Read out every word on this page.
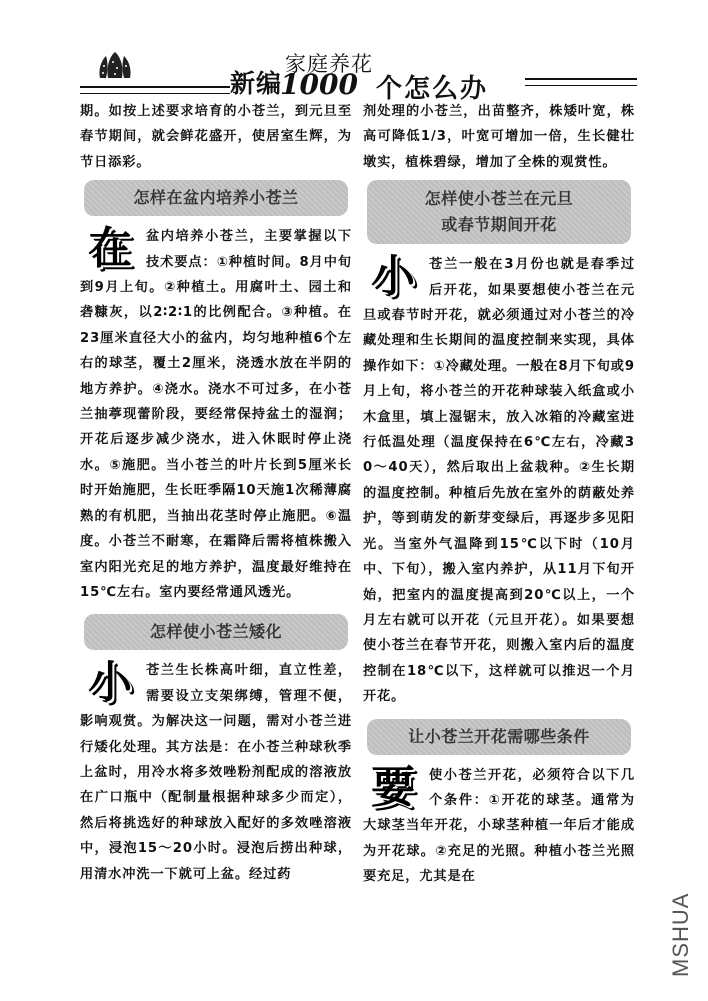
新编
家庭养花
1000 个怎么办

期。如按上述要求培育的小苍兰，到元旦至春节期间，就会鲜花盛开，使居室生辉，为节日添彩。

怎样在盆内培养小苍兰
在	盆内培养小苍兰，主要掌握以下技术要点：①种植时间。8月中旬到9月上旬。②种植土。用腐叶土、园土和砻糠灰，以2∶2∶1的比例配合。③种植。在23厘米直径大小的盆内，均匀地种植6个左右的球茎，覆土2厘米，浇透水放在半阴的地方养护。④浇水。浇水不可过多，在小苍兰抽葶现蕾阶段，要经常保持盆土的湿润；开花后逐步减少浇水，进入休眠时停止浇水。⑤施肥。当小苍兰的叶片长到5厘米长时开始施肥，生长旺季隔10天施1次稀薄腐熟的有机肥，当抽出花茎时停止施肥。⑥温度。小苍兰不耐寒，在霜降后需将植株搬入室内阳光充足的地方养护，温度最好维持在15℃左右。室内要经常通风透光。

怎样使小苍兰矮化
小	苍兰生长株高叶细，直立性差，需要设立支架绑缚，管理不便，影响观赏。为解决这一问题，需对小苍兰进行矮化处理。其方法是：在小苍兰种球秋季上盆时，用冷水将多效唑粉剂配成的溶液放在广口瓶中（配制量根据种球多少而定），然后将挑选好的种球放入配好的多效唑溶液中，浸泡15～20小时。浸泡后捞出种球，用清水冲洗一下就可上盆。经过药

剂处理的小苍兰，出苗整齐，株矮叶宽，株高可降低1/3，叶宽可增加一倍，生长健壮墩实，植株碧绿，增加了全株的观赏性。

怎样使小苍兰在元旦
或春节期间开花
小	苍兰一般在3月份也就是春季过后开花，如果要想使小苍兰在元旦或春节时开花，就必须通过对小苍兰的冷藏处理和生长期间的温度控制来实现，具体操作如下：①冷藏处理。一般在8月下旬或9月上旬，将小苍兰的开花种球装入纸盒或小木盒里，填上湿锯末，放入冰箱的冷藏室进行低温处理（温度保持在6℃左右，冷藏30～40天），然后取出上盆栽种。②生长期的温度控制。种植后先放在室外的荫蔽处养护，等到萌发的新芽变绿后，再逐步多见阳光。当室外气温降到15℃以下时（10月中、下旬），搬入室内养护，从11月下旬开始，把室内的温度提高到20℃以上，一个月左右就可以开花（元旦开花）。如果要想使小苍兰在春节开花，则搬入室内后的温度控制在18℃以下，这样就可以推迟一个月开花。

让小苍兰开花需哪些条件
要	使小苍兰开花，必须符合以下几个条件：①开花的球茎。通常为大球茎当年开花，小球茎种植一年后才能成为开花球。②充足的光照。种植小苍兰光照要充足，尤其是在

MSHUA
